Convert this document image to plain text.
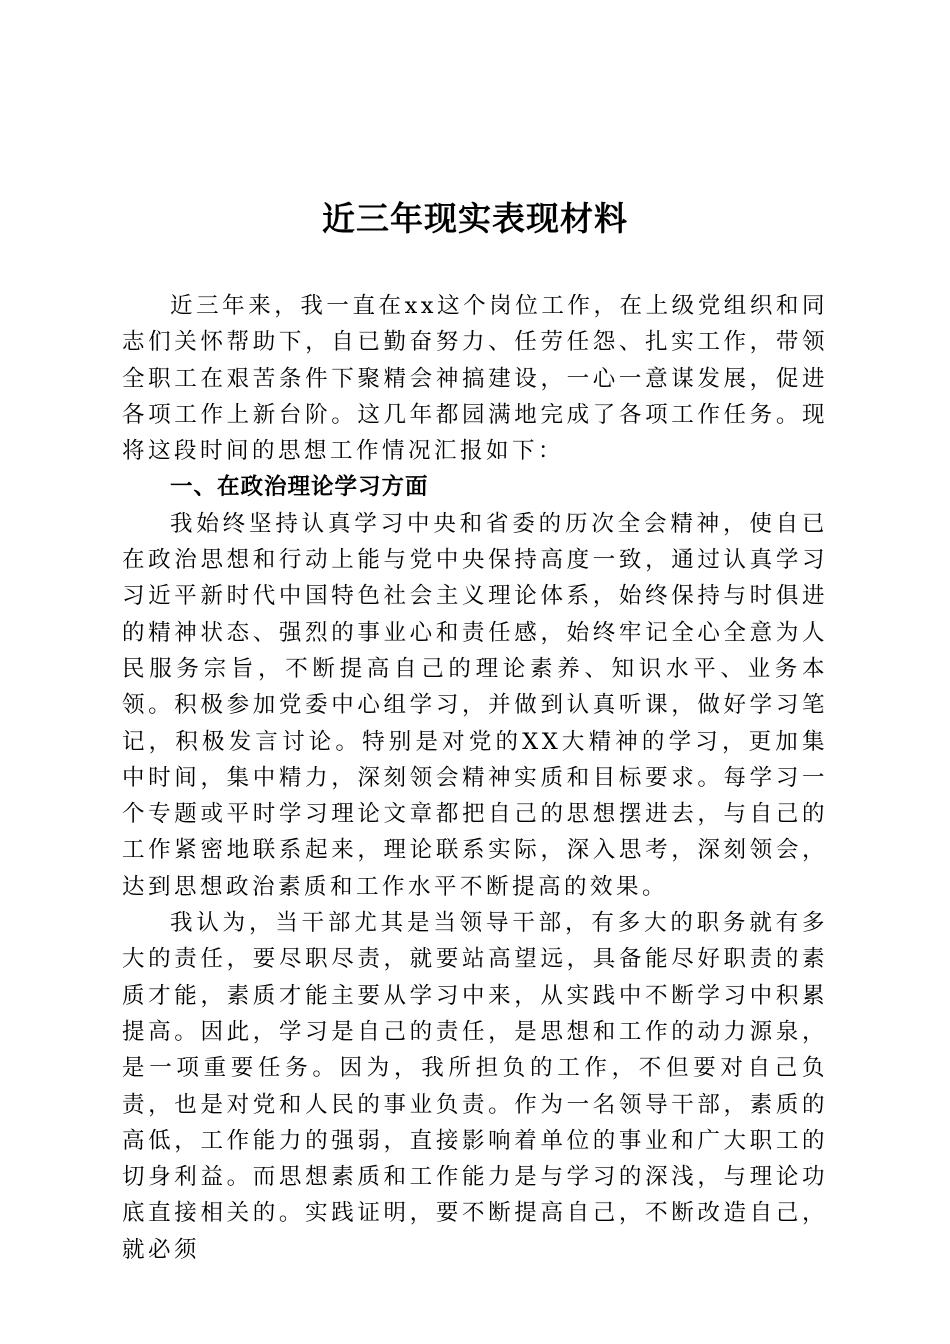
近三年现实表现材料

近三年来，我一直在xx这个岗位工作，在上级党组织和同志们关怀帮助下，自已勤奋努力、任劳任怨、扎实工作，带领全职工在艰苦条件下聚精会神搞建设，一心一意谋发展，促进各项工作上新台阶。这几年都园满地完成了各项工作任务。现将这段时间的思想工作情况汇报如下：

一、在政治理论学习方面

我始终坚持认真学习中央和省委的历次全会精神，使自已在政治思想和行动上能与党中央保持高度一致，通过认真学习习近平新时代中国特色社会主义理论体系，始终保持与时俱进的精神状态、强烈的事业心和责任感，始终牢记全心全意为人民服务宗旨，不断提高自己的理论素养、知识水平、业务本领。积极参加党委中心组学习，并做到认真听课，做好学习笔记，积极发言讨论。特别是对党的XX大精神的学习，更加集中时间，集中精力，深刻领会精神实质和目标要求。每学习一个专题或平时学习理论文章都把自己的思想摆进去，与自己的工作紧密地联系起来，理论联系实际，深入思考，深刻领会，达到思想政治素质和工作水平不断提高的效果。

我认为，当干部尤其是当领导干部，有多大的职务就有多大的责任，要尽职尽责，就要站高望远，具备能尽好职责的素质才能，素质才能主要从学习中来，从实践中不断学习中积累提高。因此，学习是自己的责任，是思想和工作的动力源泉，是一项重要任务。因为，我所担负的工作，不但要对自己负责，也是对党和人民的事业负责。作为一名领导干部，素质的高低，工作能力的强弱，直接影响着单位的事业和广大职工的切身利益。而思想素质和工作能力是与学习的深浅，与理论功底直接相关的。实践证明，要不断提高自己，不断改造自己，就必须
